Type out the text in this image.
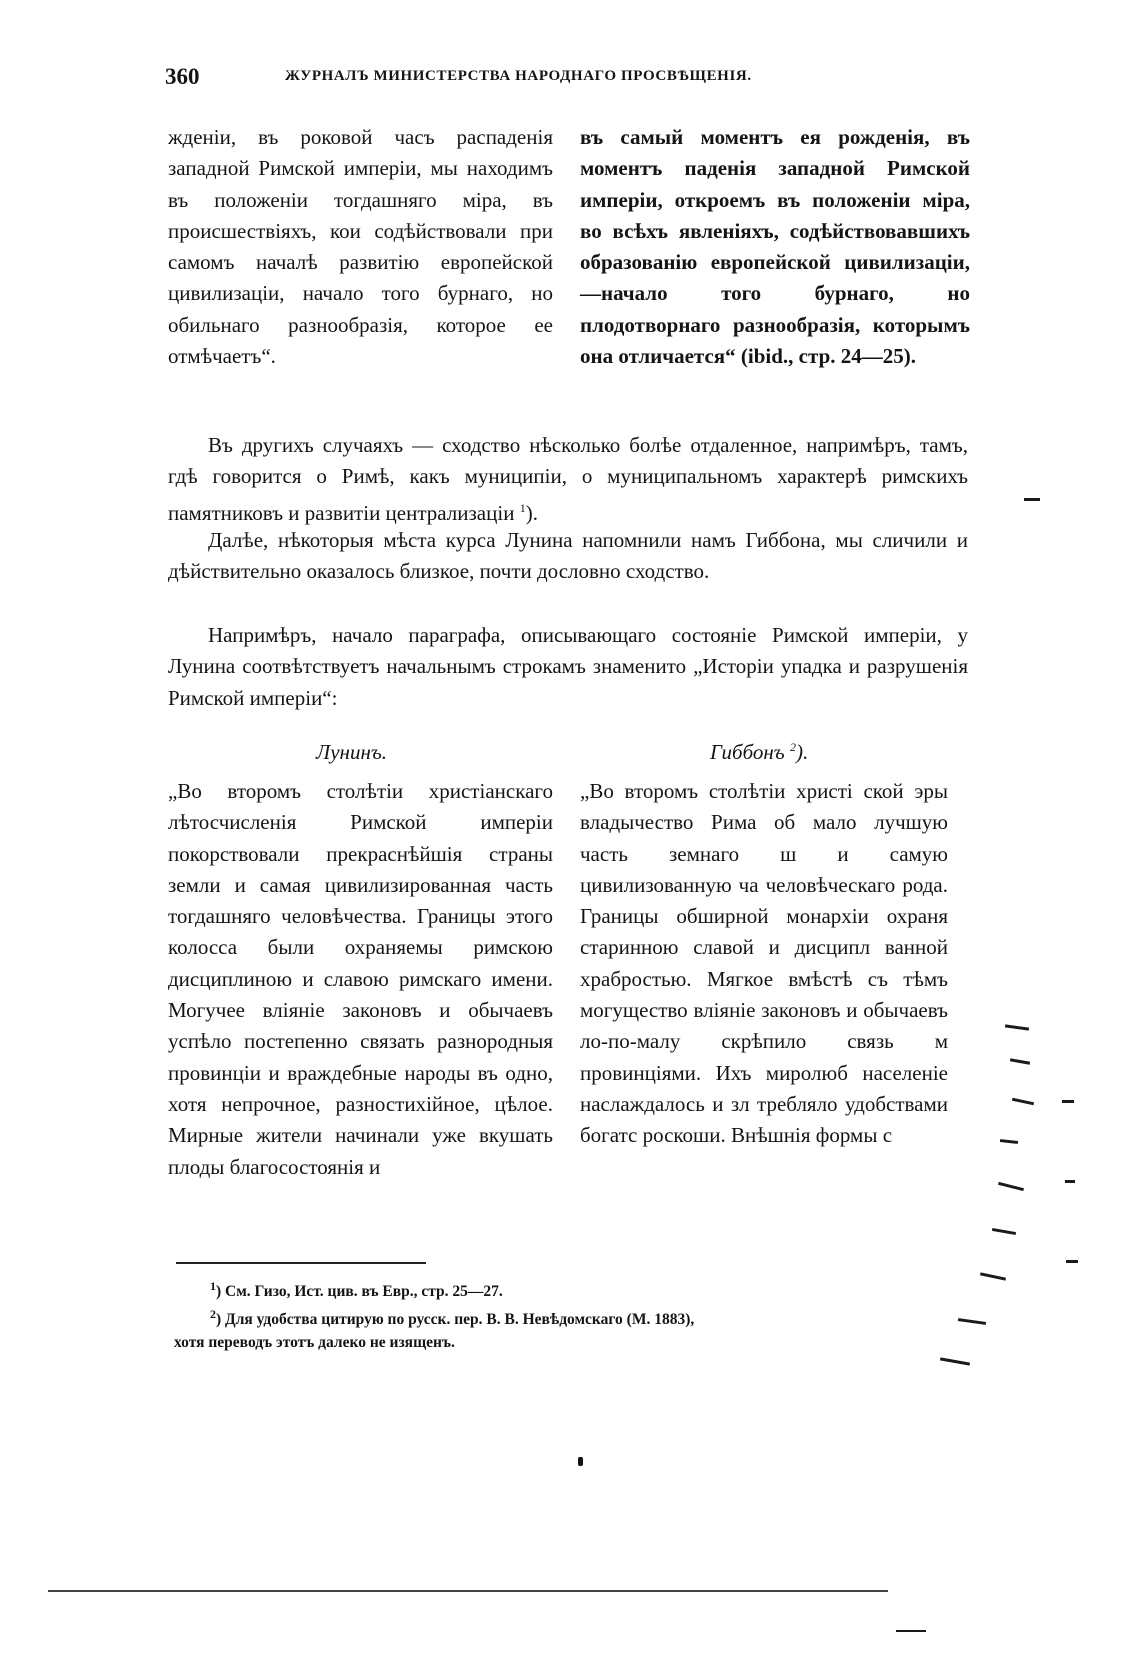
360	ЖУРНАЛЪ МИНИСТЕРСТВА НАРОДНАГО ПРОСВѢЩЕНІЯ.
жденіи, въ роковой часъ распаденія западной Римской имперіи, мы находимъ въ положеніи тогдашняго міра, въ происшествіяхъ, кои содѣйствовали при самомъ началѣ развитію европейской цивилизаціи, начало того бурнаго, но обильнаго разнообразія, которое ее отмѣчаетъ“.
въ самый моментъ ея рожденія, въ моментъ паденія западной Римской имперіи, откроемъ въ положеніи міра, во всѣхъ явленіяхъ, содѣйствовавшихъ образованію европейской цивилизаціи,—начало того бурнаго, но плодотворнаго разнообразія, которымъ она отличается“ (ibid., стр. 24—25).
Въ другихъ случаяхъ — сходство нѣсколько болѣе отдаленное, напримѣръ, тамъ, гдѣ говорится о Римѣ, какъ муниципіи, о муниципальномъ характерѣ римскихъ памятниковъ и развитіи централизаціи $^1$).
Далѣе, нѣкоторыя мѣста курса Лунина напомнили намъ Гиббона, мы сличили и дѣйствительно оказалось близкое, почти дословно сходство.
Напримѣръ, начало параграфа, описывающаго состояніе Римской имперіи, у Лунина соотвѣтствуетъ начальнымъ строкамъ знаменито „Исторіи упадка и разрушенія Римской имперіи“:
Лунинъ.	Гиббонъ $^2$).
„Во второмъ столѣтіи христіанскаго лѣтосчисленія Римской имперіи покорствовали прекраснѣйшія страны земли и самая цивилизированная часть тогдашняго человѣчества. Границы этого колосса были охраняемы римскою дисциплиною и славою римскаго имени. Могучее вліяніе законовъ и обычаевъ успѣло постепенно связать разнородныя провинціи и враждебные народы въ одно, хотя непрочное, разностихійное, цѣлое. Мирные жители начинали уже вкушать плоды благосостоянія и
„Во второмъ столѣтіи христі ской эры владычество Рима об мало лучшую часть земнаго ш и самую цивилизованную ча человѣческаго рода. Границы обширной монархіи охраня старинною славой и дисципл ванной храбростью. Мягкое вмѣстѣ съ тѣмъ могущество вліяніе законовъ и обычаевъ ло-по-малу скрѣпило связь м провинціями. Ихъ миролюб населеніе наслаждалось и зл требляло удобствами богатс роскоши. Внѣшнія формы с
$^1$) См. Гизо, Ист. цив. въ Евр., стр. 25—27.
$^2$) Для удобства цитирую по русск. пер. В. В. Невѣдомскаго (М. 1883),
хотя переводъ этотъ далеко не изященъ.
